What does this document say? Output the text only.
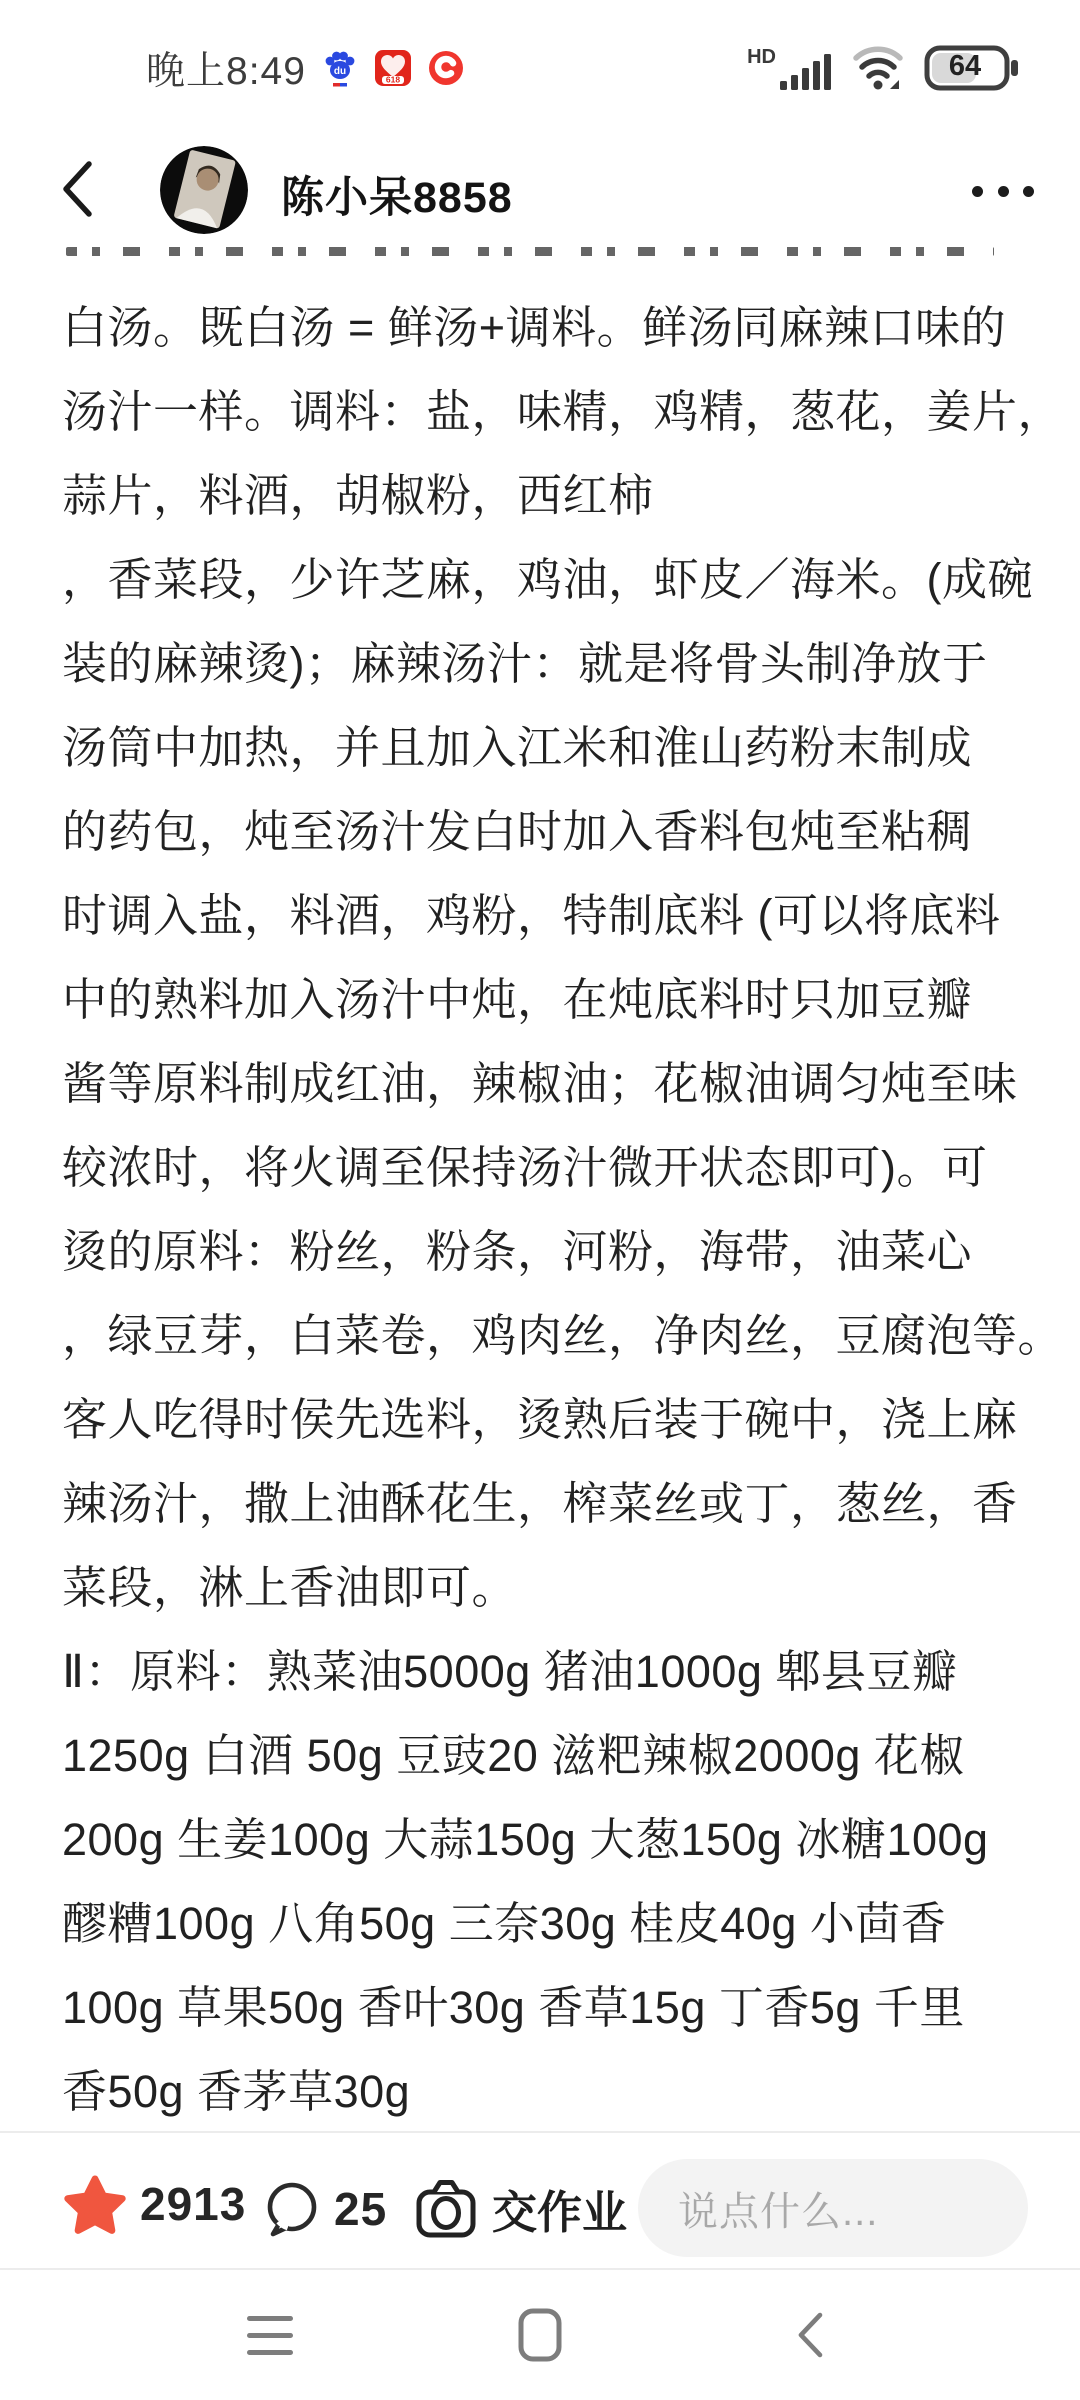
晚上8:49	du
618
HD	64
陈小呆8858
白汤。既白汤 = 鲜汤+调料。鲜汤同麻辣口味的
汤汁一样。调料：盐，味精，鸡精，葱花，姜片，
蒜片，料酒，胡椒粉，西红柿
，香菜段，少许芝麻，鸡油，虾皮／海米。(成碗
装的麻辣烫)；麻辣汤汁：就是将骨头制净放于
汤筒中加热，并且加入江米和淮山药粉末制成
的药包，炖至汤汁发白时加入香料包炖至粘稠
时调入盐，料酒，鸡粉，特制底料 (可以将底料
中的熟料加入汤汁中炖，在炖底料时只加豆瓣
酱等原料制成红油，辣椒油；花椒油调匀炖至味
较浓时，将火调至保持汤汁微开状态即可)。可
烫的原料：粉丝，粉条，河粉，海带，油菜心
，绿豆芽，白菜卷，鸡肉丝，净肉丝，豆腐泡等。
客人吃得时侯先选料，烫熟后装于碗中，浇上麻
辣汤汁，撒上油酥花生，榨菜丝或丁，葱丝，香
菜段，淋上香油即可。
Ⅱ：原料：熟菜油5000g 猪油1000g 郫县豆瓣
1250g 白酒 50g 豆豉20 滋粑辣椒2000g 花椒
200g 生姜100g 大蒜150g 大葱150g 冰糖100g
醪糟100g 八角50g 三奈30g 桂皮40g 小茴香
100g 草果50g 香叶30g 香草15g 丁香5g 千里
香50g 香茅草30g
2913 25 交作业 说点什么...
